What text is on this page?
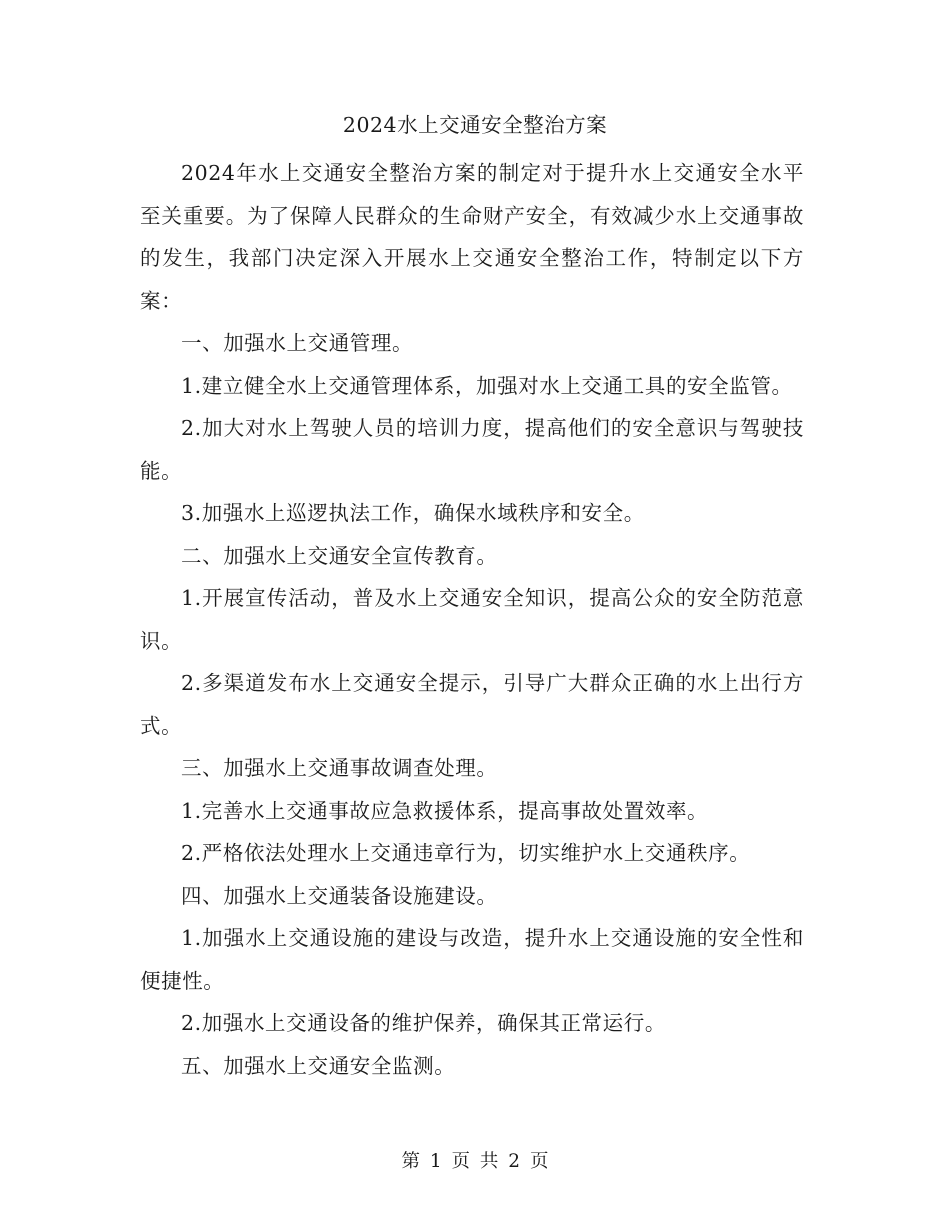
2024水上交通安全整治方案

2024年水上交通安全整治方案的制定对于提升水上交通安全水平至关重要。为了保障人民群众的生命财产安全，有效减少水上交通事故的发生，我部门决定深入开展水上交通安全整治工作，特制定以下方案：

一、加强水上交通管理。

1.建立健全水上交通管理体系，加强对水上交通工具的安全监管。

2.加大对水上驾驶人员的培训力度，提高他们的安全意识与驾驶技能。

3.加强水上巡逻执法工作，确保水域秩序和安全。

二、加强水上交通安全宣传教育。

1.开展宣传活动，普及水上交通安全知识，提高公众的安全防范意识。

2.多渠道发布水上交通安全提示，引导广大群众正确的水上出行方式。

三、加强水上交通事故调查处理。

1.完善水上交通事故应急救援体系，提高事故处置效率。

2.严格依法处理水上交通违章行为，切实维护水上交通秩序。

四、加强水上交通装备设施建设。

1.加强水上交通设施的建设与改造，提升水上交通设施的安全性和便捷性。

2.加强水上交通设备的维护保养，确保其正常运行。

五、加强水上交通安全监测。

第 1 页 共 2 页
